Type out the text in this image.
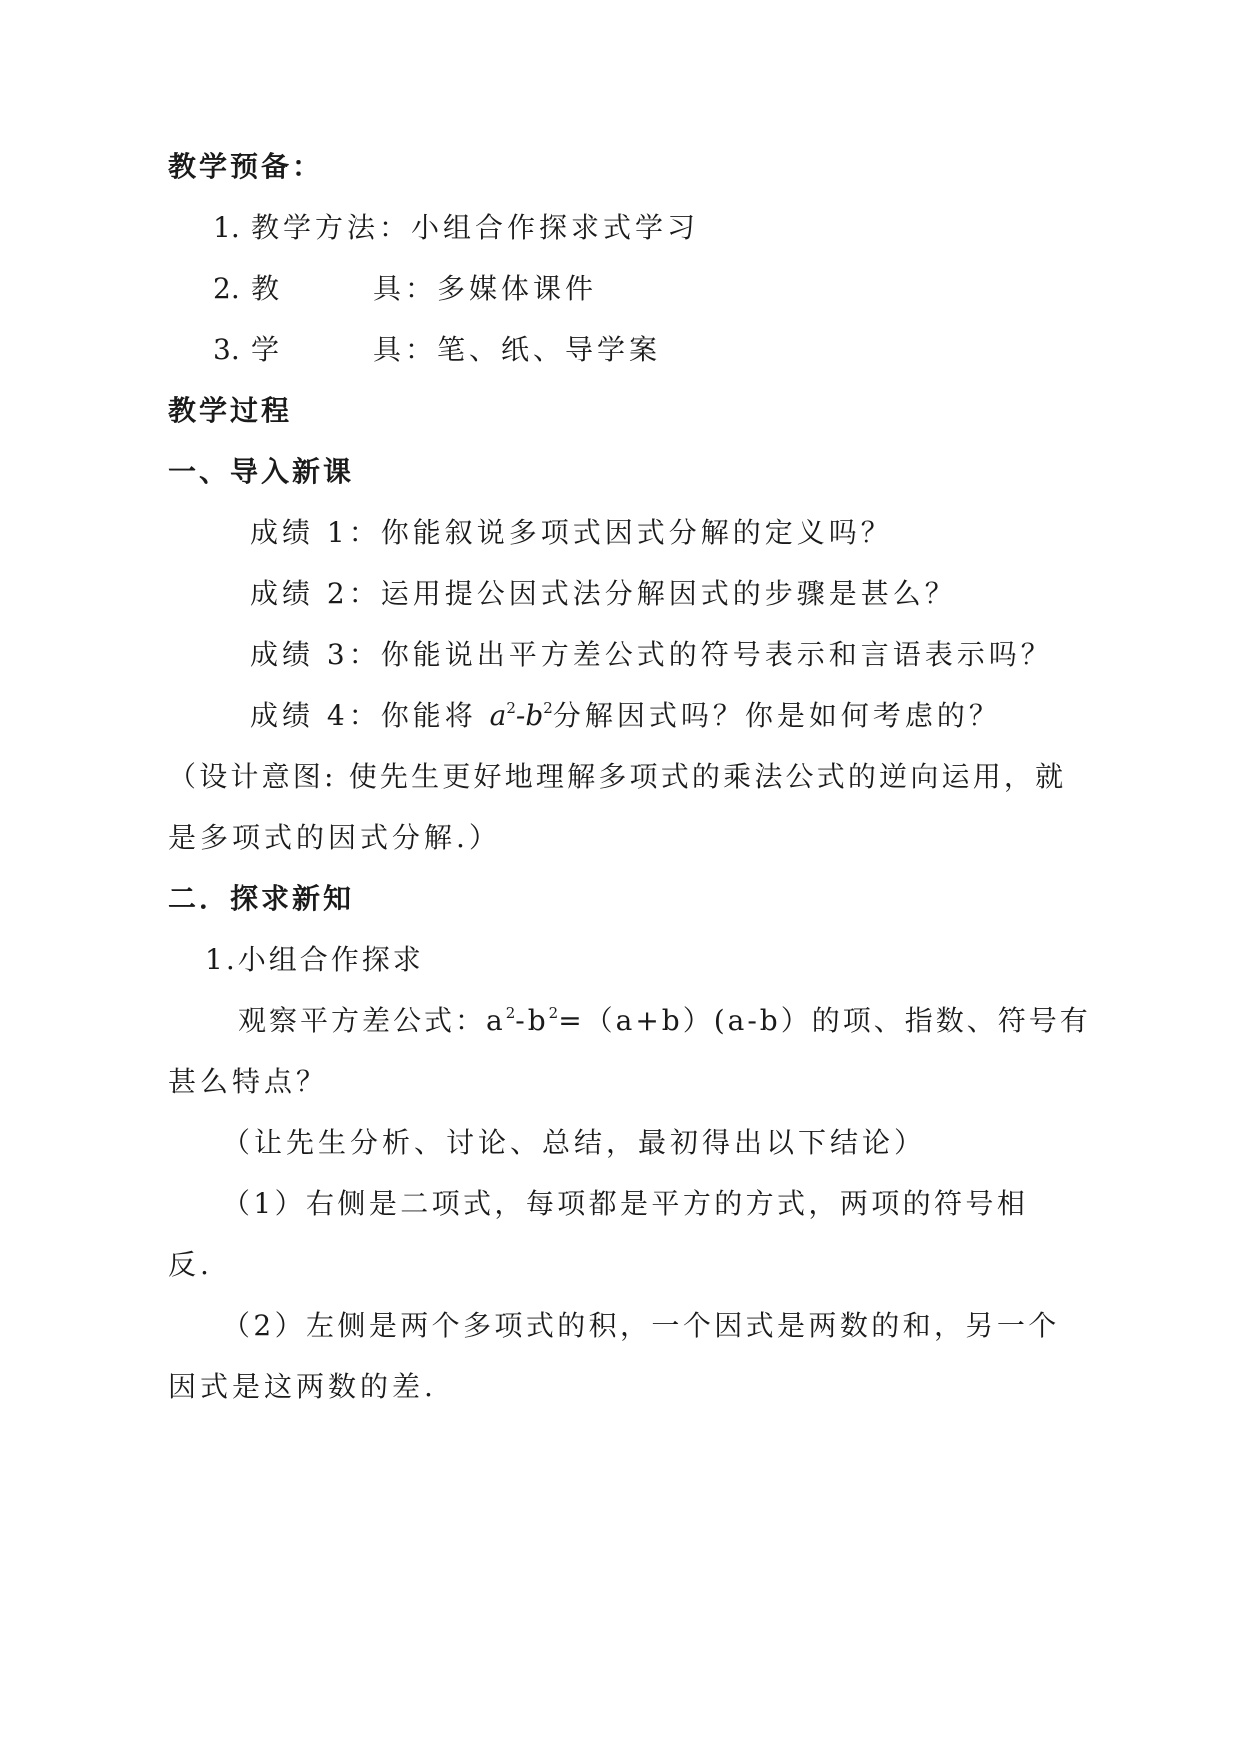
教学预备：
1. 教学方法：小组合作探求式学习
2. 教	具：多媒体课件
3. 学	具：笔、纸、导学案
教学过程
一、导入新课
成绩 1：你能叙说多项式因式分解的定义吗？
成绩 2：运用提公因式法分解因式的步骤是甚么？
成绩 3：你能说出平方差公式的符号表示和言语表示吗？
成绩 4：你能将 $a^2-b^2$分解因式吗？你是如何考虑的？
（设计意图: 使先生更好地理解多项式的乘法公式的逆向运用，就
是多项式的因式分解.）
二．探求新知
1.小组合作探求
观察平方差公式：$a^2-b^2=(a+b)(a-b)$的项、指数、符号有
甚么特点？
（让先生分析、讨论、总结，最初得出以下结论）
（1）右侧是二项式，每项都是平方的方式，两项的符号相
反.
（2）左侧是两个多项式的积，一个因式是两数的和，另一个
因式是这两数的差.
